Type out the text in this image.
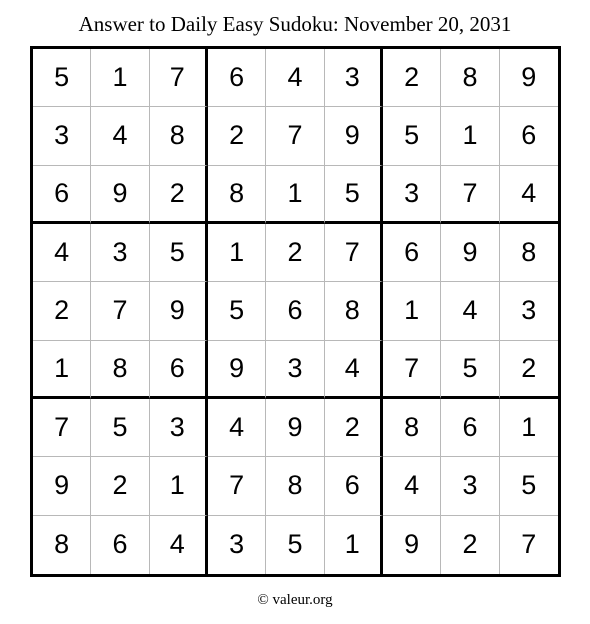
Answer to Daily Easy Sudoku: November 20, 2031
5	1	7	6	4	3	2	8	9
3	4	8	2	7	9	5	1	6
6	9	2	8	1	5	3	7	4
4	3	5	1	2	7	6	9	8
2	7	9	5	6	8	1	4	3
1	8	6	9	3	4	7	5	2
7	5	3	4	9	2	8	6	1
9	2	1	7	8	6	4	3	5
8	6	4	3	5	1	9	2	7
© valeur.org
